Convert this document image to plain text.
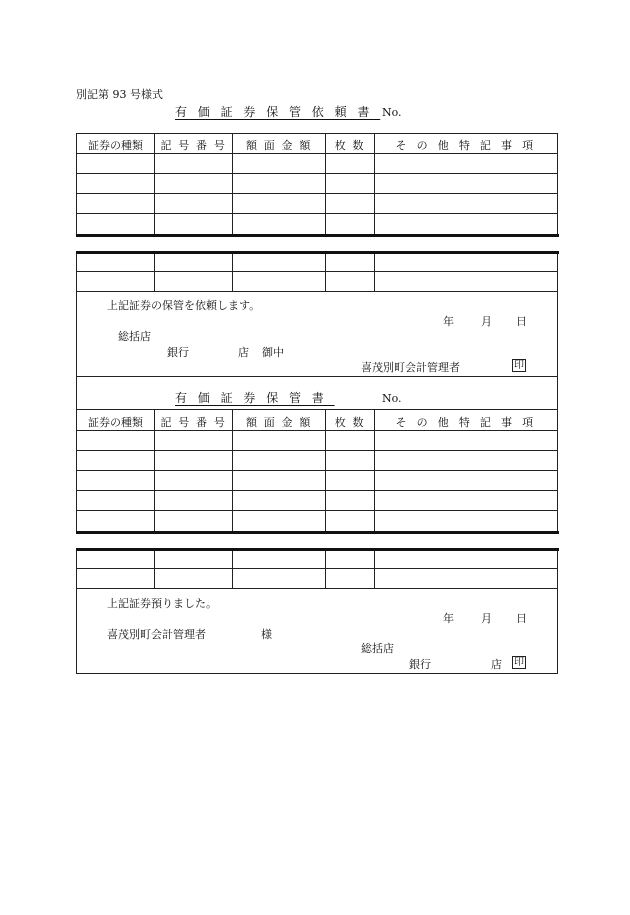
別記第 93 号様式
有価証券保管依頼書 No.
証券の種類	記 号 番 号	額 面 金 額	枚 数	そ の 他 特 記 事 項
上記証券の保管を依頼します。
年 月 日
総括店
銀行	店 御中
喜茂別町会計管理者	印
有価証券保管書	No.
証券の種類	記 号 番 号	額 面 金 額	枚 数	そ の 他 特 記 事 項
上記証券預りました。
年 月 日
喜茂別町会計管理者	様
総括店
銀行	店 印
